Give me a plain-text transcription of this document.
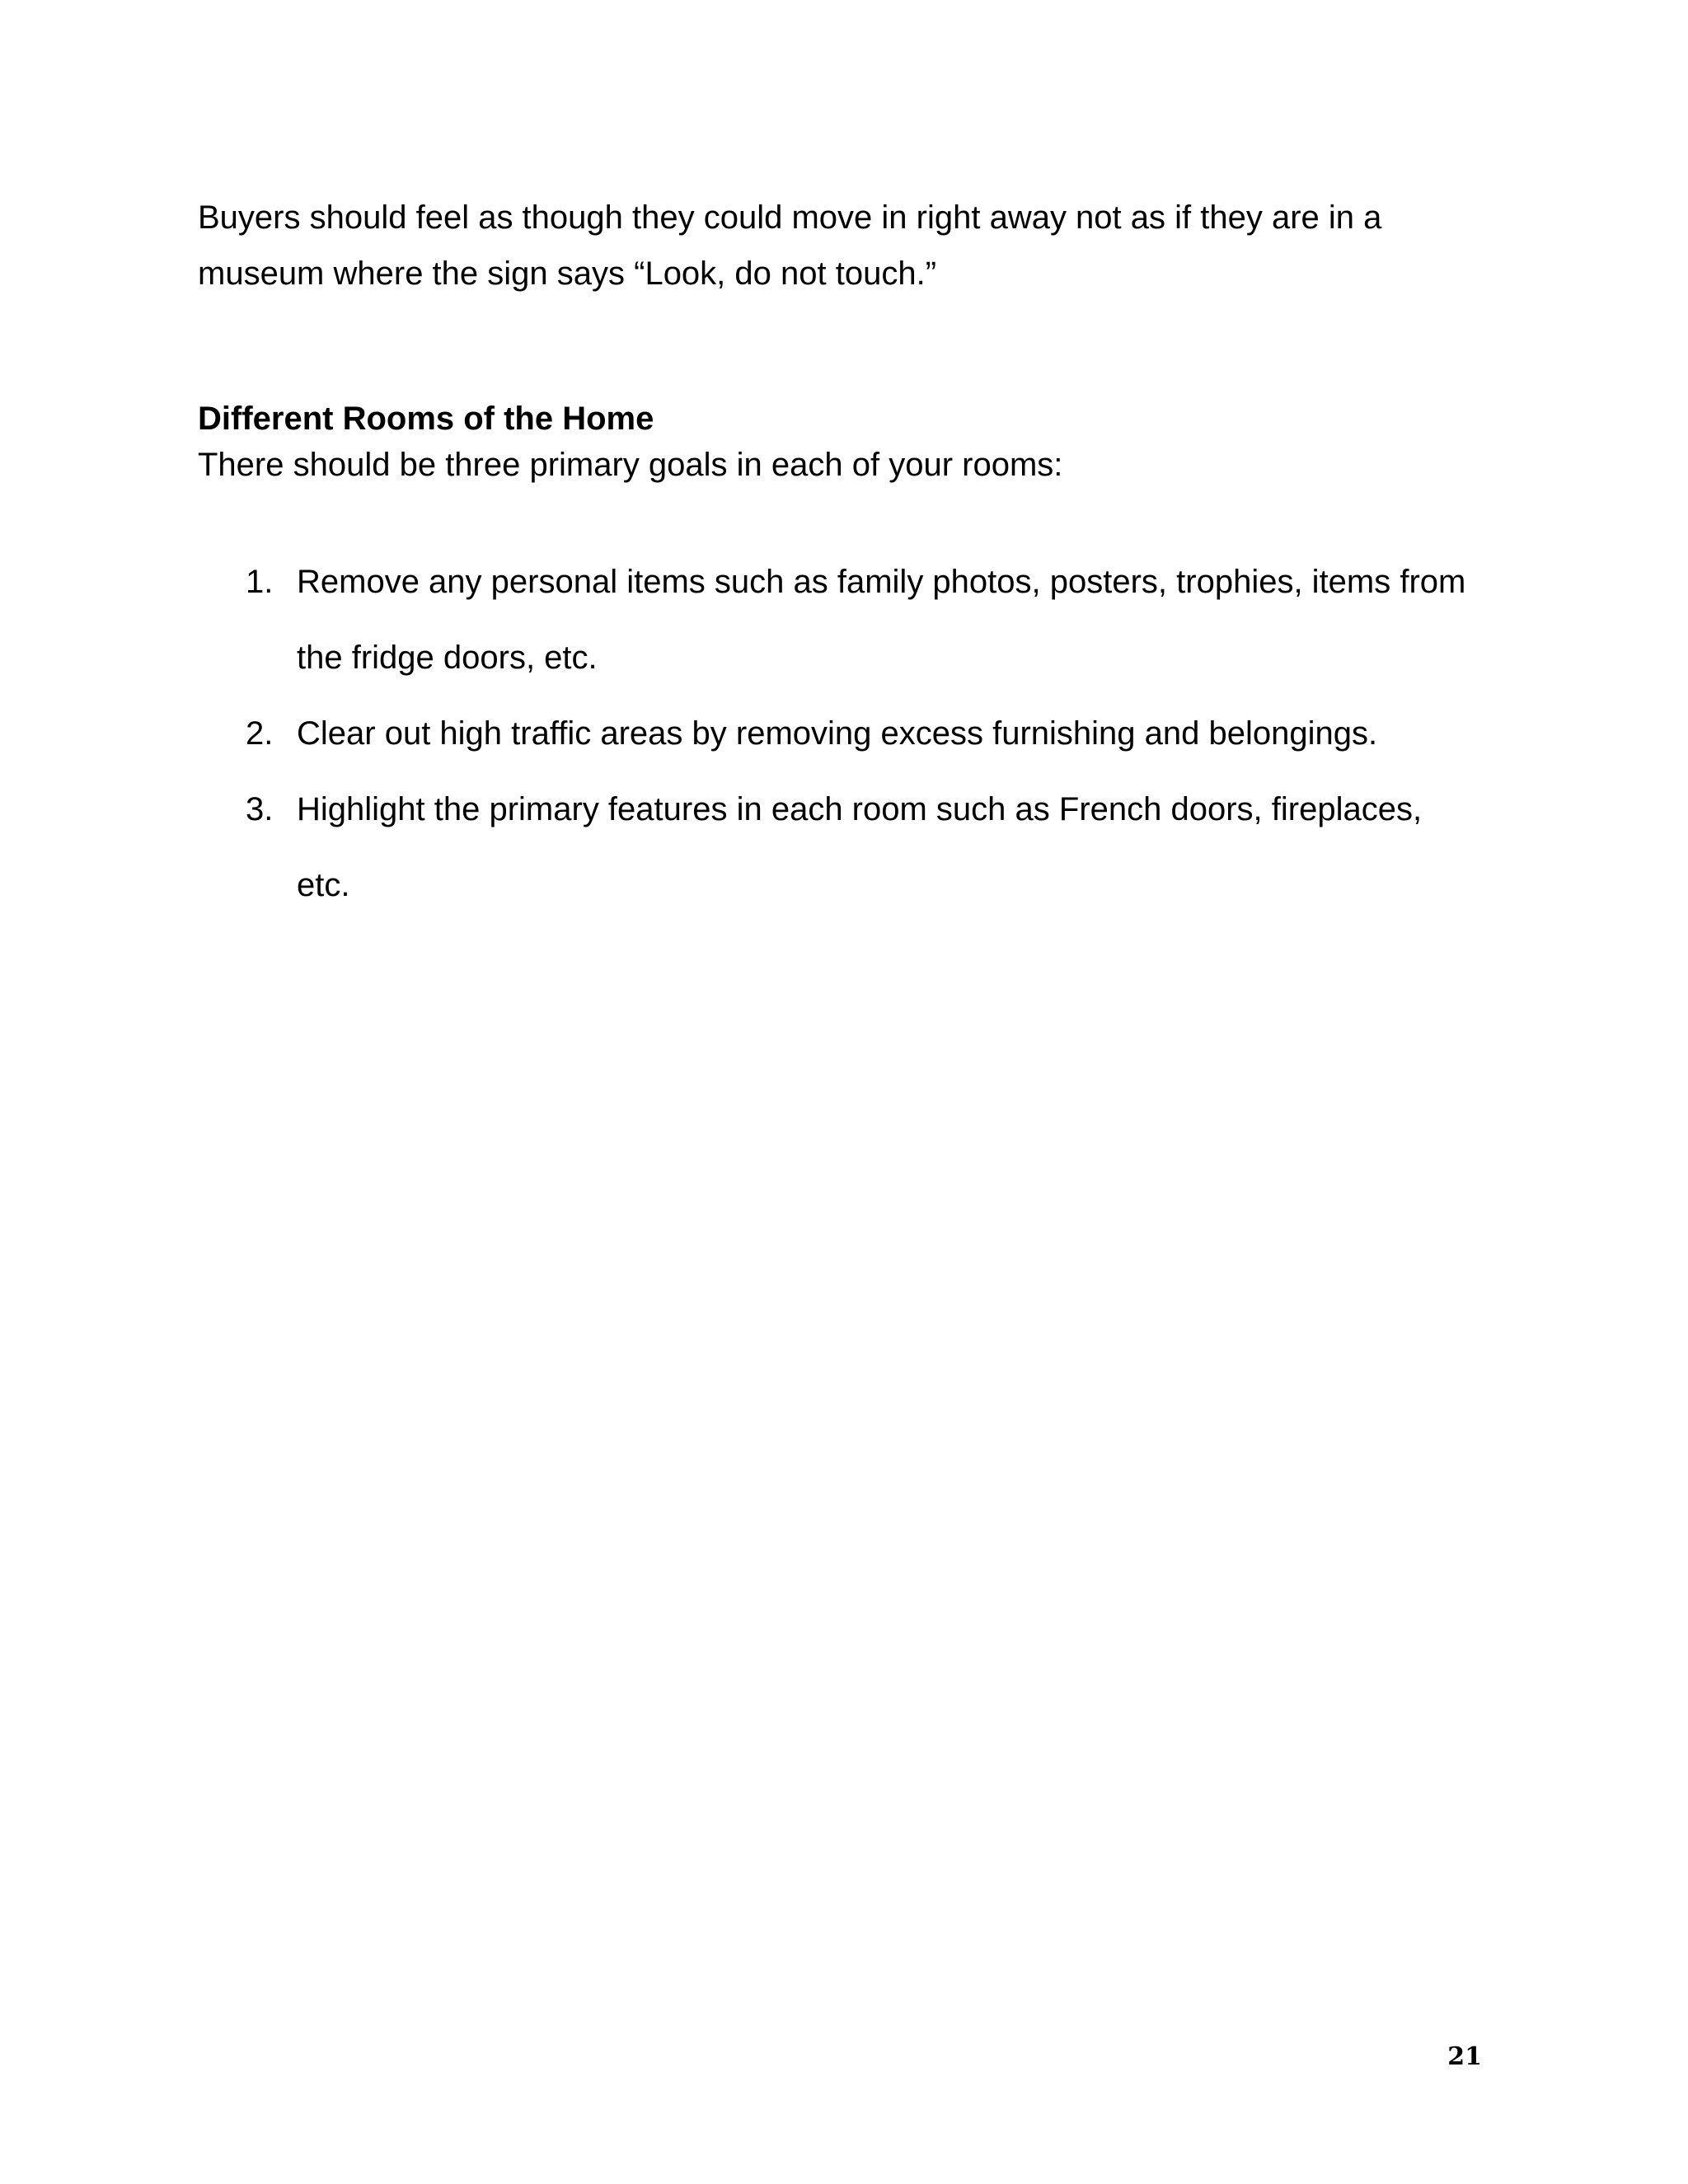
Buyers should feel as though they could move in right away not as if they are in a museum where the sign says “Look, do not touch.”

Different Rooms of the Home

There should be three primary goals in each of your rooms:

1. Remove any personal items such as family photos, posters, trophies, items from the fridge doors, etc.
2. Clear out high traffic areas by removing excess furnishing and belongings.
3. Highlight the primary features in each room such as French doors, fireplaces, etc.
21
